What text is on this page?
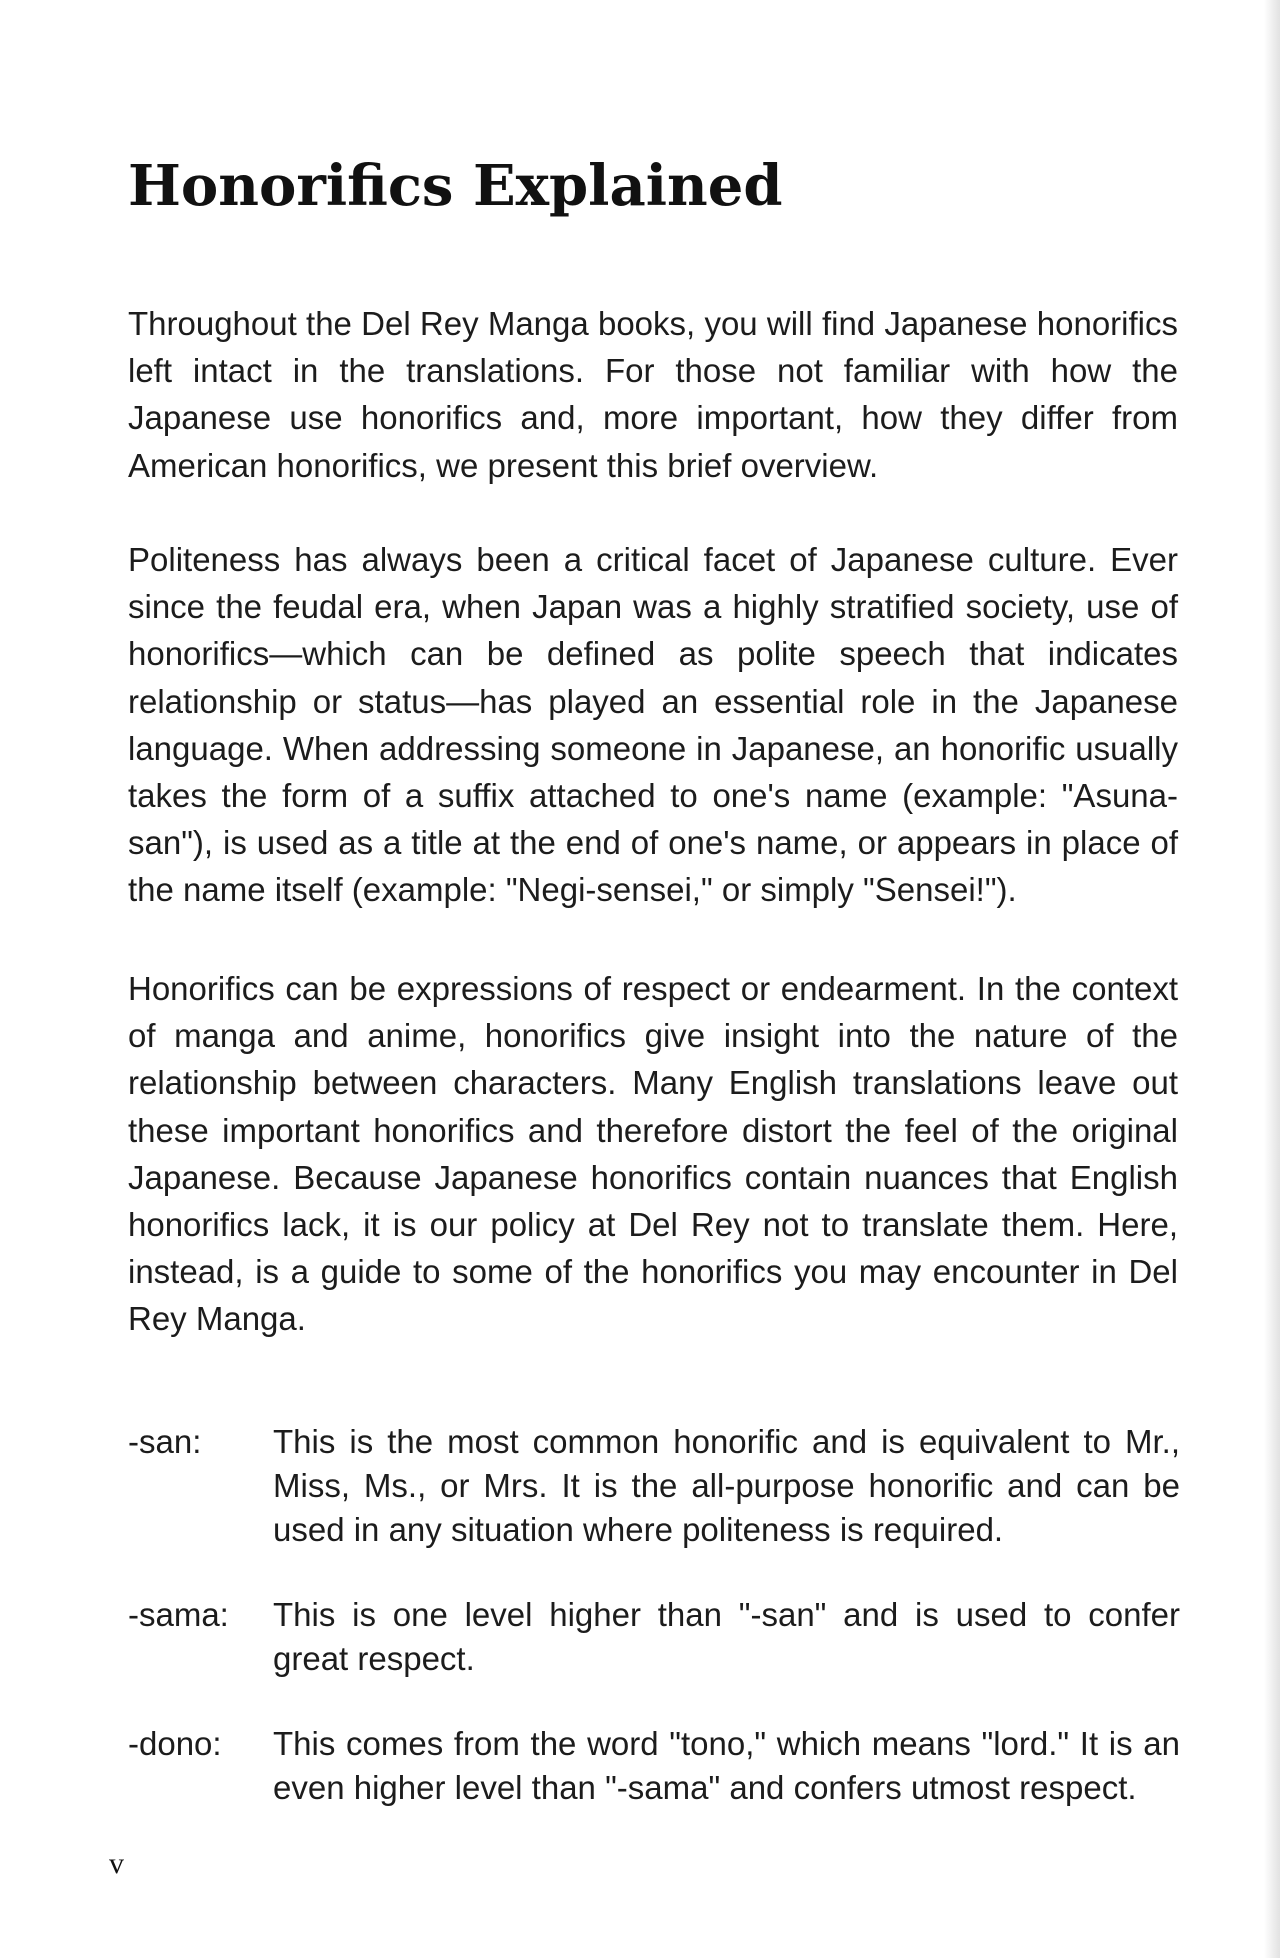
Honorifics Explained

Throughout the Del Rey Manga books, you will find Japanese honorifics left intact in the translations. For those not familiar with how the Japanese use honorifics and, more important, how they differ from American honorifics, we present this brief overview.

Politeness has always been a critical facet of Japanese culture. Ever since the feudal era, when Japan was a highly stratified society, use of honorifics—which can be defined as polite speech that indicates relationship or status—has played an essential role in the Japanese language. When addressing someone in Japanese, an honorific usually takes the form of a suffix attached to one's name (example: "Asuna-san"), is used as a title at the end of one's name, or appears in place of the name itself (example: "Negi-sensei," or simply "Sensei!").

Honorifics can be expressions of respect or endearment. In the context of manga and anime, honorifics give insight into the nature of the relationship between characters. Many English translations leave out these important honorifics and therefore distort the feel of the original Japanese. Because Japanese honorifics contain nuances that English honorifics lack, it is our policy at Del Rey not to translate them. Here, instead, is a guide to some of the honorifics you may encounter in Del Rey Manga.

-san:	This is the most common honorific and is equivalent to Mr., Miss, Ms., or Mrs. It is the all-purpose honorific and can be used in any situation where politeness is required.
-sama:	This is one level higher than "-san" and is used to confer great respect.
-dono:	This comes from the word "tono," which means "lord." It is an even higher level than "-sama" and confers utmost respect.
v
